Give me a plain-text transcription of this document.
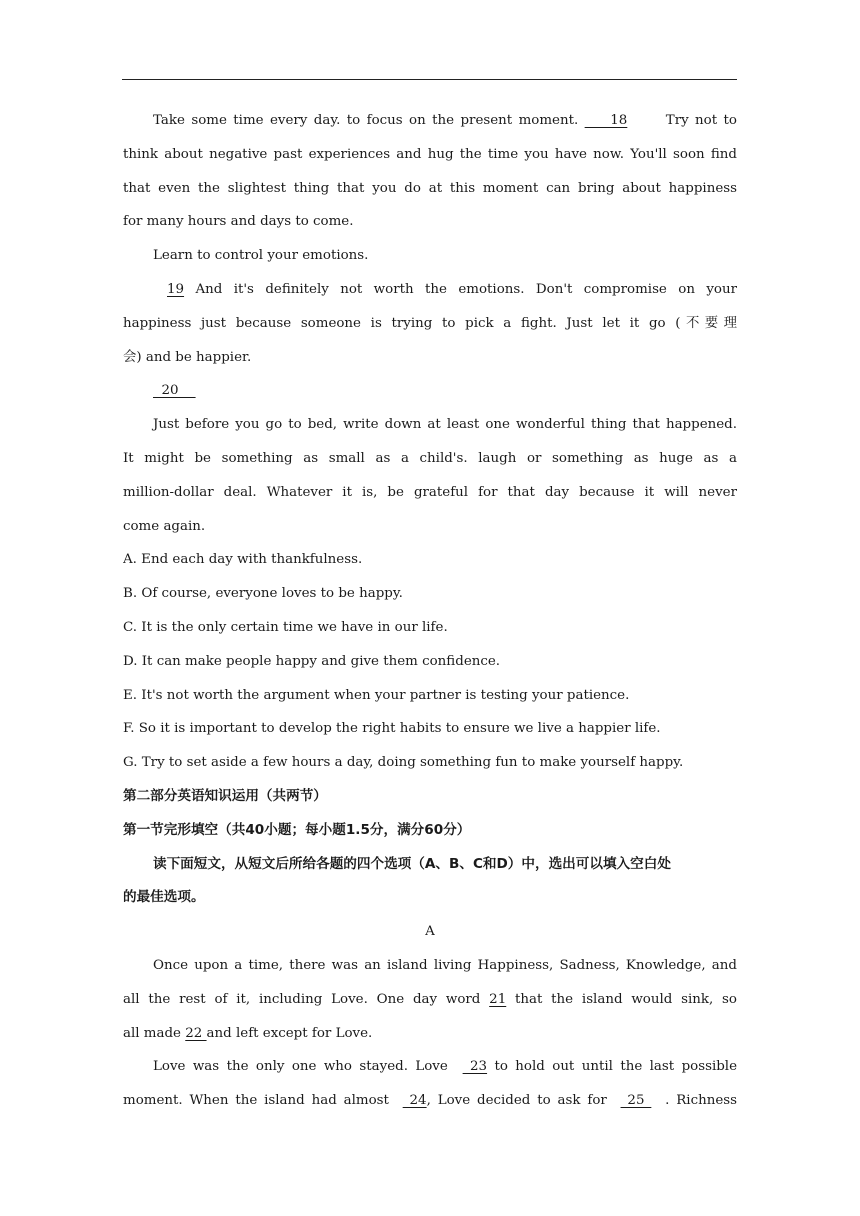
Take some time every day. to focus on the present moment.     18      Try not to
think about negative past experiences and hug the time you have now. You'll soon find
that even the slightest thing that you do at this moment can bring about happiness
for many hours and days to come.
Learn to control your emotions.
19 And it's definitely not worth the emotions. Don't compromise on your
happiness just because someone is trying to pick a fight. Just let it go (不要理
会) and be happier.
20
Just before you go to bed, write down at least one wonderful thing that happened.
It might be something as small as a child's. laugh or something as huge as a
million-dollar deal. Whatever it is, be grateful for that day because it will never
come again.
A. End each day with thankfulness.
B. Of course, everyone loves to be happy.
C. It is the only certain time we have in our life.
D. It can make people happy and give them confidence.
E. It's not worth the argument when your partner is testing your patience.
F. So it is important to develop the right habits to ensure we live a happier life.
G. Try to set aside a few hours a day, doing something fun to make yourself happy.
第二部分英语知识运用（共两节）
第一节完形填空（共40小题；每小题1.5分，满分60分）
读下面短文，从短文后所给各题的四个选项（A、B、C和D）中，选出可以填入空白处
的最佳选项。
A
Once upon a time, there was an island living Happiness, Sadness, Knowledge, and
all the rest of it, including Love. One day word 21 that the island would sink, so
all made 22 and left except for Love.
Love was the only one who stayed. Love   23 to hold out until the last possible
moment. When the island had almost   24, Love decided to ask for   25   . Richness
